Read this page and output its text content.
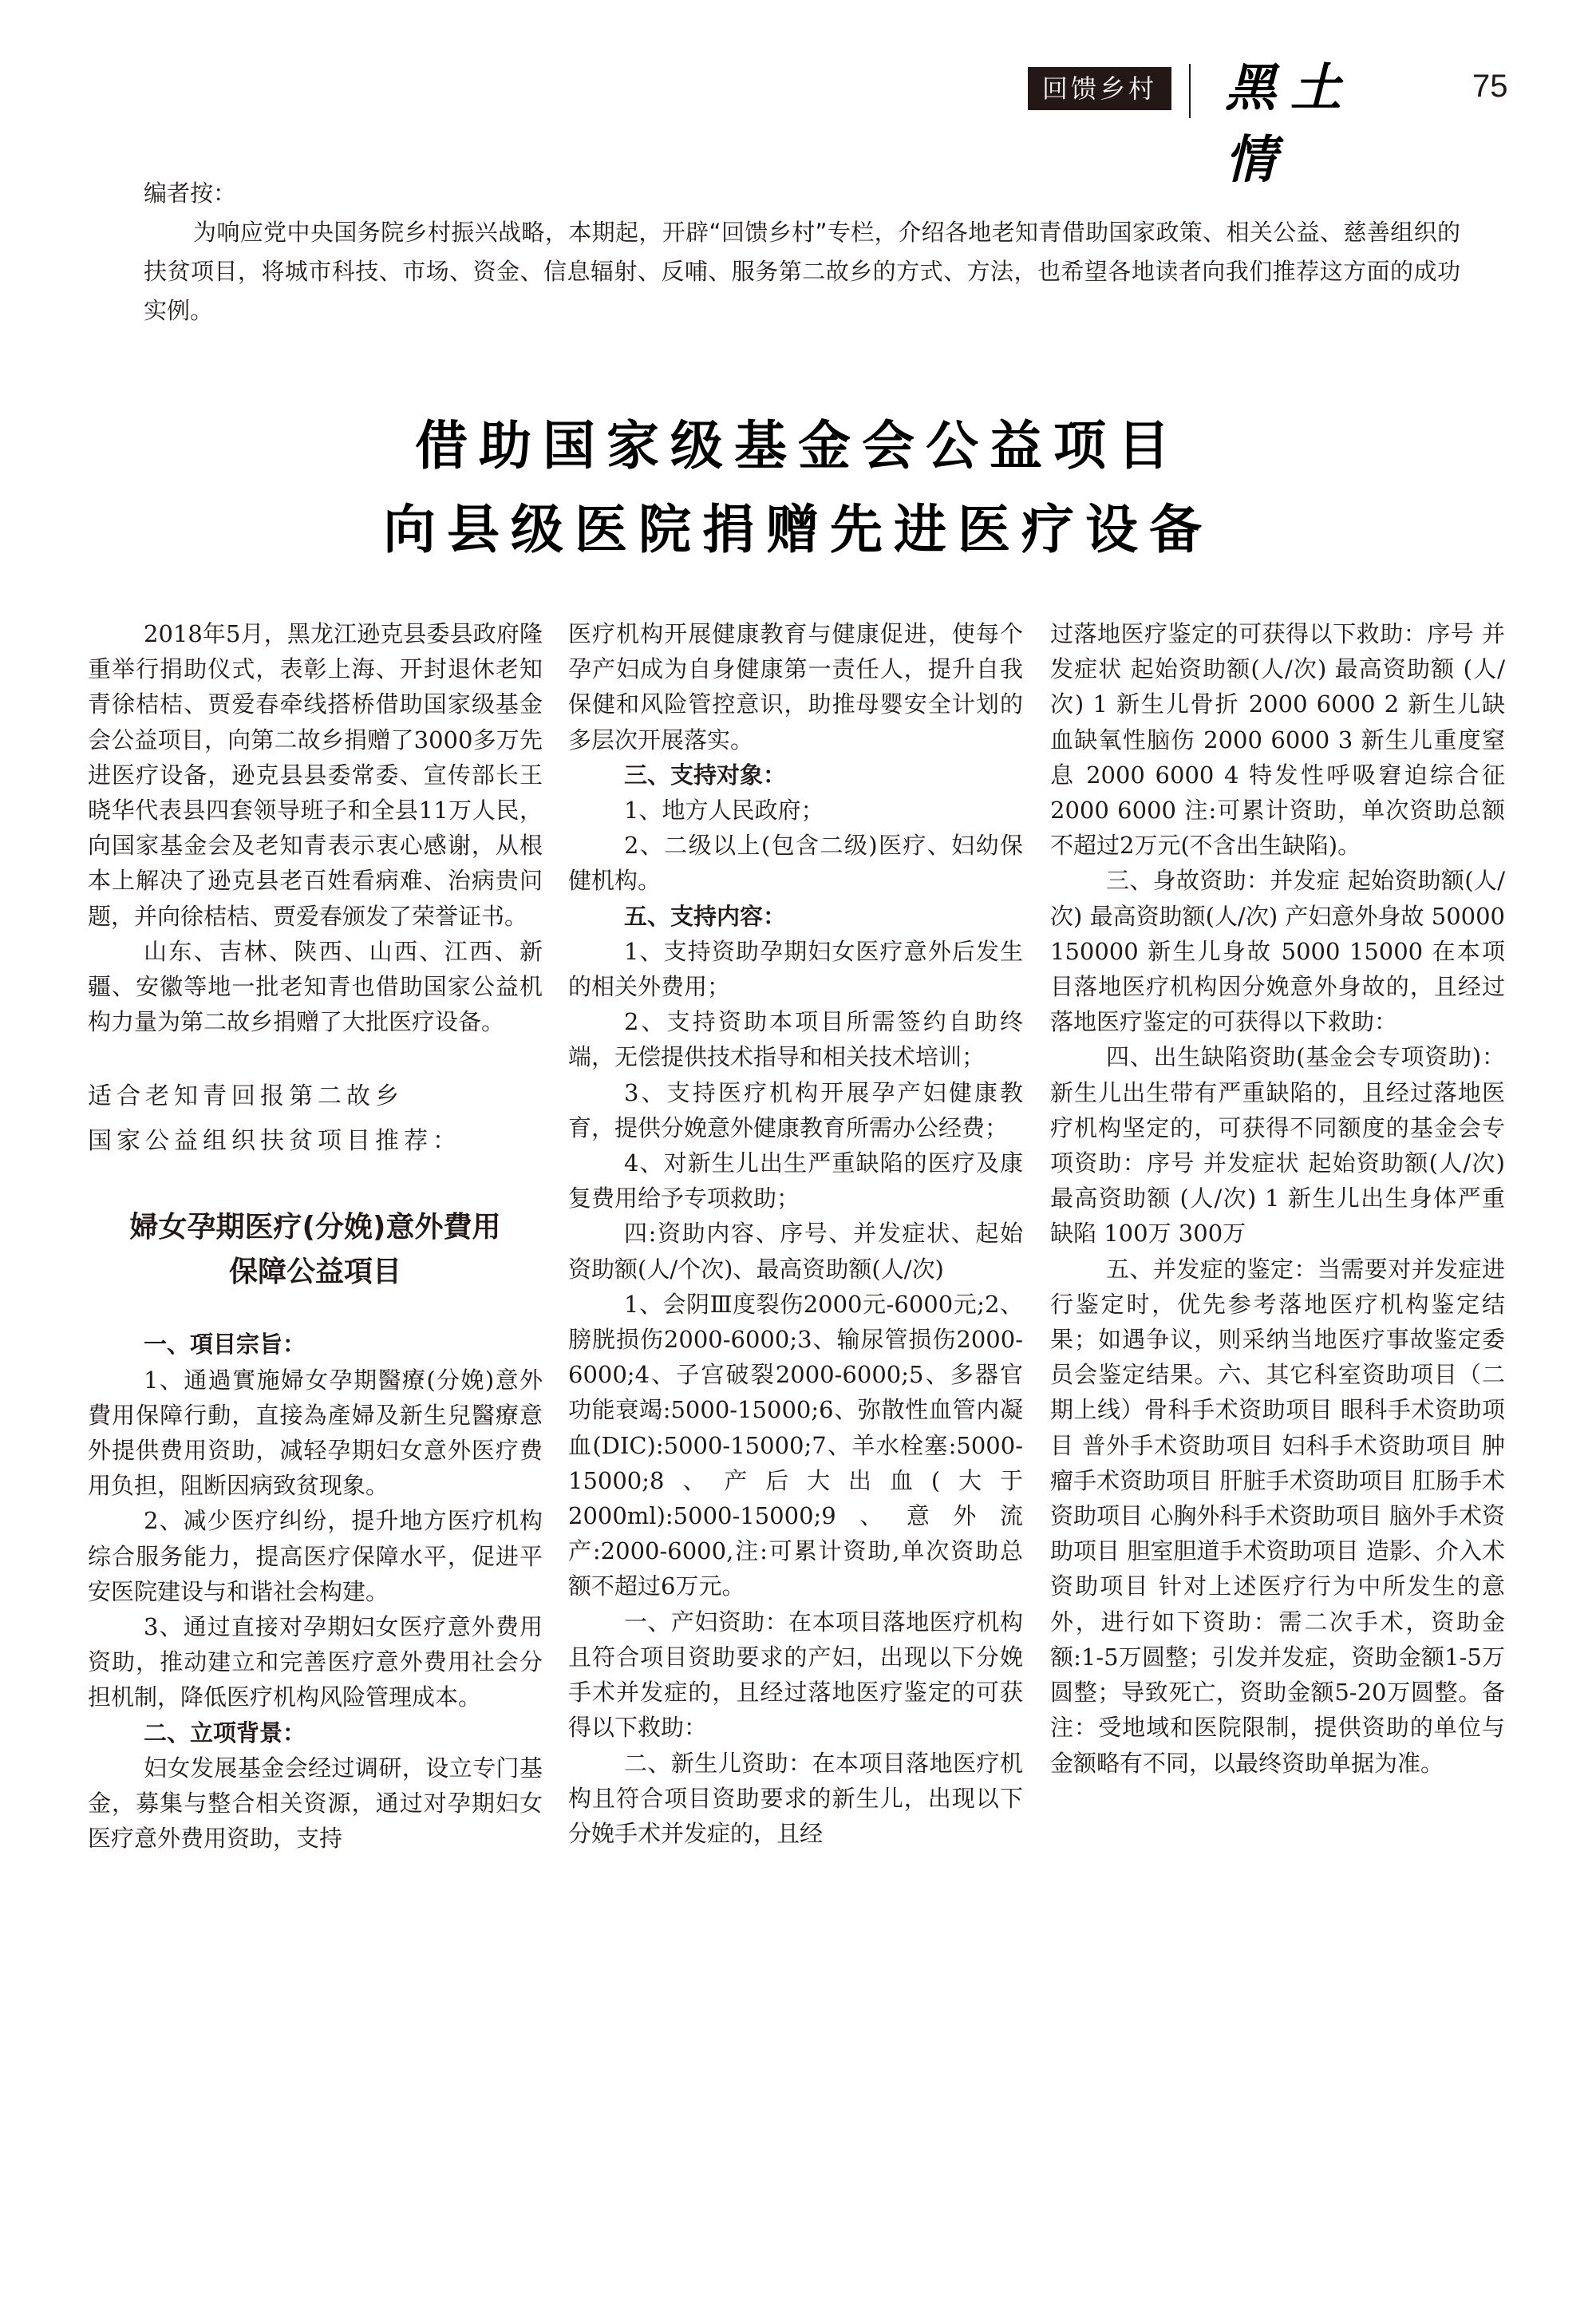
回馈乡村 黑土情
75
编者按：
为响应党中央国务院乡村振兴战略，本期起，开辟“回馈乡村”专栏，介绍各地老知青借助国家政策、相关公益、慈善组织的扶贫项目，将城市科技、市场、资金、信息辐射、反哺、服务第二故乡的方式、方法，也希望各地读者向我们推荐这方面的成功实例。
借助国家级基金会公益项目
向县级医院捐赠先进医疗设备

2018年5月，黑龙江逊克县委县政府隆重举行捐助仪式，表彰上海、开封退休老知青徐桔桔、贾爱春牵线搭桥借助国家级基金会公益项目，向第二故乡捐赠了3000多万先进医疗设备，逊克县县委常委、宣传部长王晓华代表县四套领导班子和全县11万人民，向国家基金会及老知青表示衷心感谢，从根本上解决了逊克县老百姓看病难、治病贵问题，并向徐桔桔、贾爱春颁发了荣誉证书。

山东、吉林、陕西、山西、江西、新疆、安徽等地一批老知青也借助国家公益机构力量为第二故乡捐赠了大批医疗设备。

适合老知青回报第二故乡
国家公益组织扶贫项目推荐：
婦女孕期医疗(分娩)意外費用
保障公益項目

一、項目宗旨：

1、通過實施婦女孕期醫療(分娩)意外費用保障行動，直接為產婦及新生兒醫療意外提供费用资助，减轻孕期妇女意外医疗费用负担，阻断因病致贫现象。

2、减少医疗纠纷，提升地方医疗机构综合服务能力，提高医疗保障水平，促进平安医院建设与和谐社会构建。

3、通过直接对孕期妇女医疗意外费用资助，推动建立和完善医疗意外费用社会分担机制，降低医疗机构风险管理成本。

二、立项背景：

妇女发展基金会经过调研，设立专门基金，募集与整合相关资源，通过对孕期妇女医疗意外费用资助，支持

医疗机构开展健康教育与健康促进，使每个孕产妇成为自身健康第一责任人，提升自我保健和风险管控意识，助推母婴安全计划的多层次开展落实。

三、支持对象：

1、地方人民政府；

2、二级以上(包含二级)医疗、妇幼保健机构。

五、支持内容：

1、支持资助孕期妇女医疗意外后发生的相关外费用；

2、支持资助本项目所需签约自助终端，无偿提供技术指导和相关技术培训；

3、支持医疗机构开展孕产妇健康教育，提供分娩意外健康教育所需办公经费；

4、对新生儿出生严重缺陷的医疗及康复费用给予专项救助；

四:资助内容、序号、并发症状、起始资助额(人/个次)、最高资助额(人/次)

1、会阴Ⅲ度裂伤2000元-6000元;2、膀胱损伤2000-6000;3、输尿管损伤2000-6000;4、子宫破裂2000-6000;5、多器官功能衰竭:5000-15000;6、弥散性血管内凝血(DIC):5000-15000;7、羊水栓塞:5000-15000;8、产后大出血(大于2000ml):5000-15000;9、意外流产:2000-6000,注:可累计资助,单次资助总额不超过6万元。

一、产妇资助：在本项目落地医疗机构且符合项目资助要求的产妇，出现以下分娩手术并发症的，且经过落地医疗鉴定的可获得以下救助：

二、新生儿资助：在本项目落地医疗机构且符合项目资助要求的新生儿，出现以下分娩手术并发症的，且经

过落地医疗鉴定的可获得以下救助：序号 并发症状 起始资助额(人/次) 最高资助额 (人/次) 1 新生儿骨折 2000 6000 2 新生儿缺血缺氧性脑伤 2000 6000 3 新生儿重度窒息 2000 6000 4 特发性呼吸窘迫综合征 2000 6000 注:可累计资助，单次资助总额不超过2万元(不含出生缺陷)。

三、身故资助：并发症 起始资助额(人/次) 最高资助额(人/次) 产妇意外身故 50000 150000 新生儿身故 5000 15000 在本项目落地医疗机构因分娩意外身故的，且经过落地医疗鉴定的可获得以下救助：

四、出生缺陷资助(基金会专项资助)：新生儿出生带有严重缺陷的，且经过落地医疗机构坚定的，可获得不同额度的基金会专项资助：序号 并发症状 起始资助额(人/次) 最高资助额 (人/次) 1 新生儿出生身体严重缺陷 100万 300万

五、并发症的鉴定：当需要对并发症进行鉴定时，优先参考落地医疗机构鉴定结果；如遇争议，则采纳当地医疗事故鉴定委员会鉴定结果。六、其它科室资助项目（二期上线）骨科手术资助项目 眼科手术资助项目 普外手术资助项目 妇科手术资助项目 肿瘤手术资助项目 肝脏手术资助项目 肛肠手术资助项目 心胸外科手术资助项目 脑外手术资助项目 胆室胆道手术资助项目 造影、介入术资助项目 针对上述医疗行为中所发生的意外，进行如下资助：需二次手术，资助金额:1-5万圆整；引发并发症，资助金额1-5万圆整；导致死亡，资助金额5-20万圆整。备注：受地域和医院限制，提供资助的单位与金额略有不同，以最终资助单据为准。
